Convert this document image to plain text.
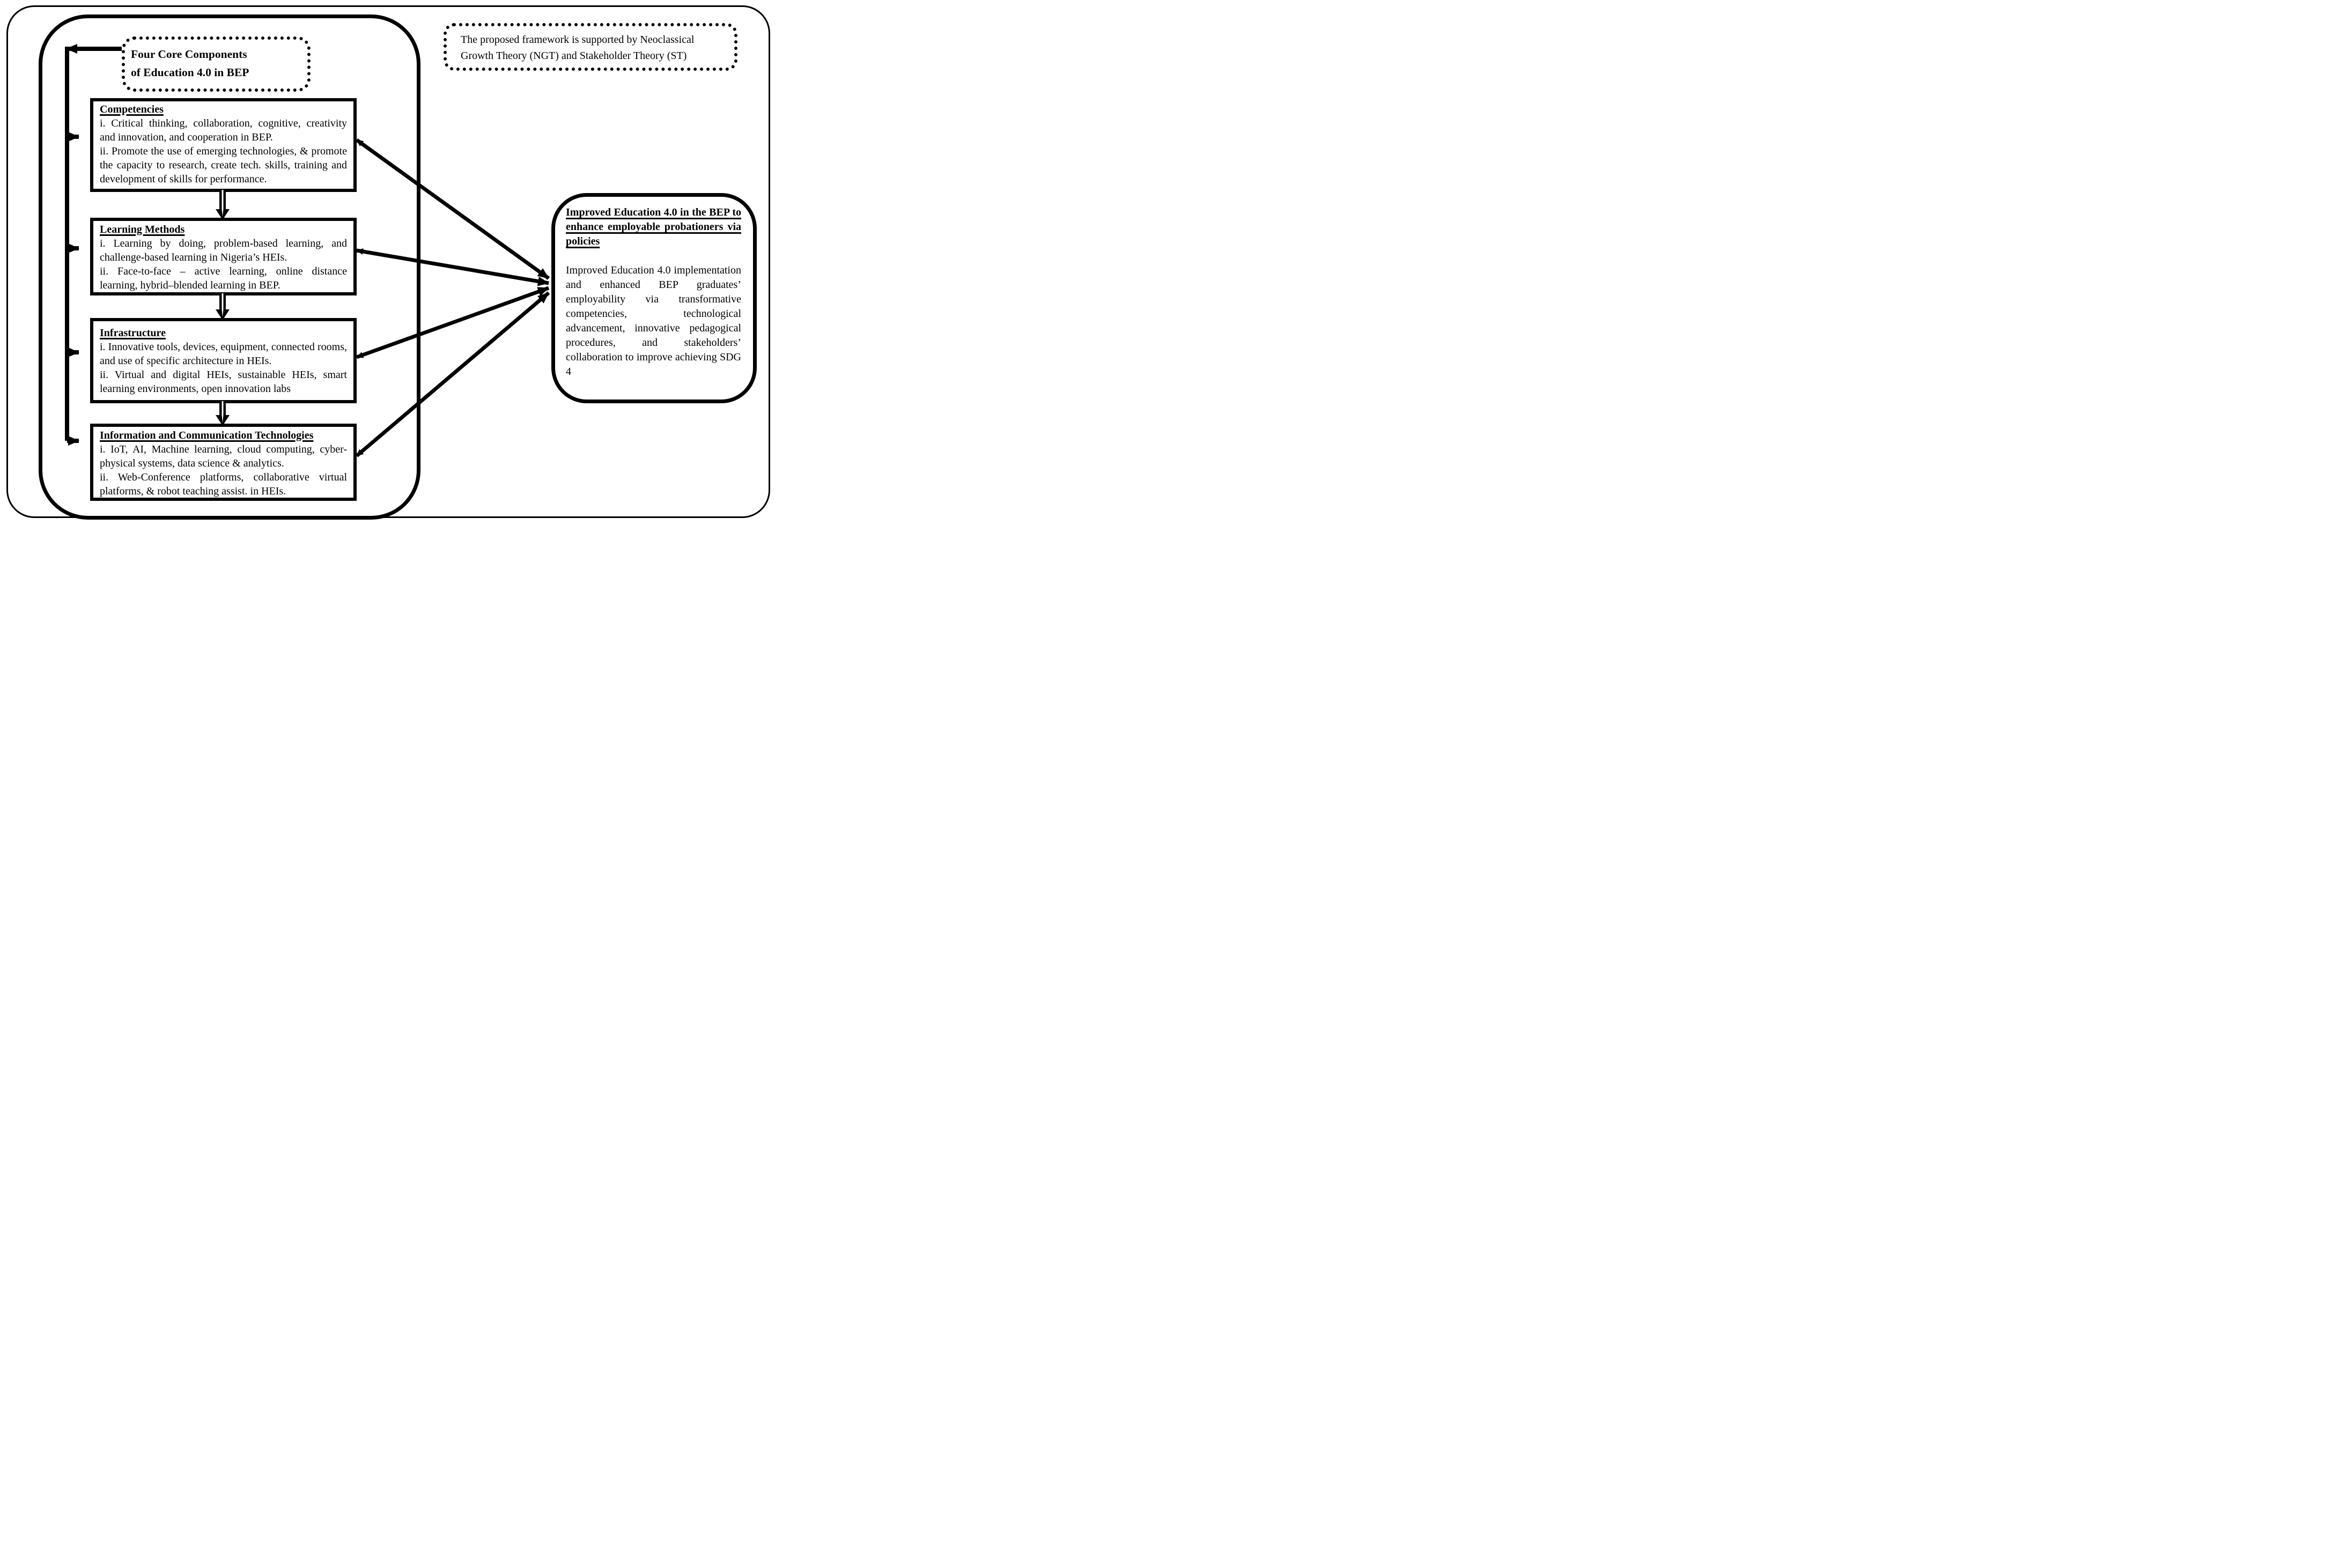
Four Core Components
of Education 4.0 in BEP
The proposed framework is supported by Neoclassical
Growth Theory (NGT) and Stakeholder Theory (ST)
Competencies

i. Critical thinking, collaboration, cognitive, creativity and innovation, and cooperation in BEP.

ii. Promote the use of emerging technologies, & promote the capacity to research, create tech. skills, training and development of skills for performance.

Learning Methods

i. Learning by doing, problem-based learning, and challenge-based learning in Nigeria’s HEIs.

ii. Face-to-face – active learning, online distance learning, hybrid–blended learning in BEP.

Infrastructure

i. Innovative tools, devices, equipment, connected rooms, and use of specific architecture in HEIs.

ii. Virtual and digital HEIs, sustainable HEIs, smart learning environments, open innovation labs

Information and Communication Technologies

i. IoT, AI, Machine learning, cloud computing, cyber-physical systems, data science & analytics.

ii. Web-Conference platforms, collaborative virtual platforms, & robot teaching assist. in HEIs.

Improved Education 4.0 in the BEP to enhance employable probationers via policies

Improved Education 4.0 implementation and enhanced BEP graduates’ employability via transformative competencies, technological advancement, innovative pedagogical procedures, and stakeholders’ collaboration to improve achieving SDG 4
